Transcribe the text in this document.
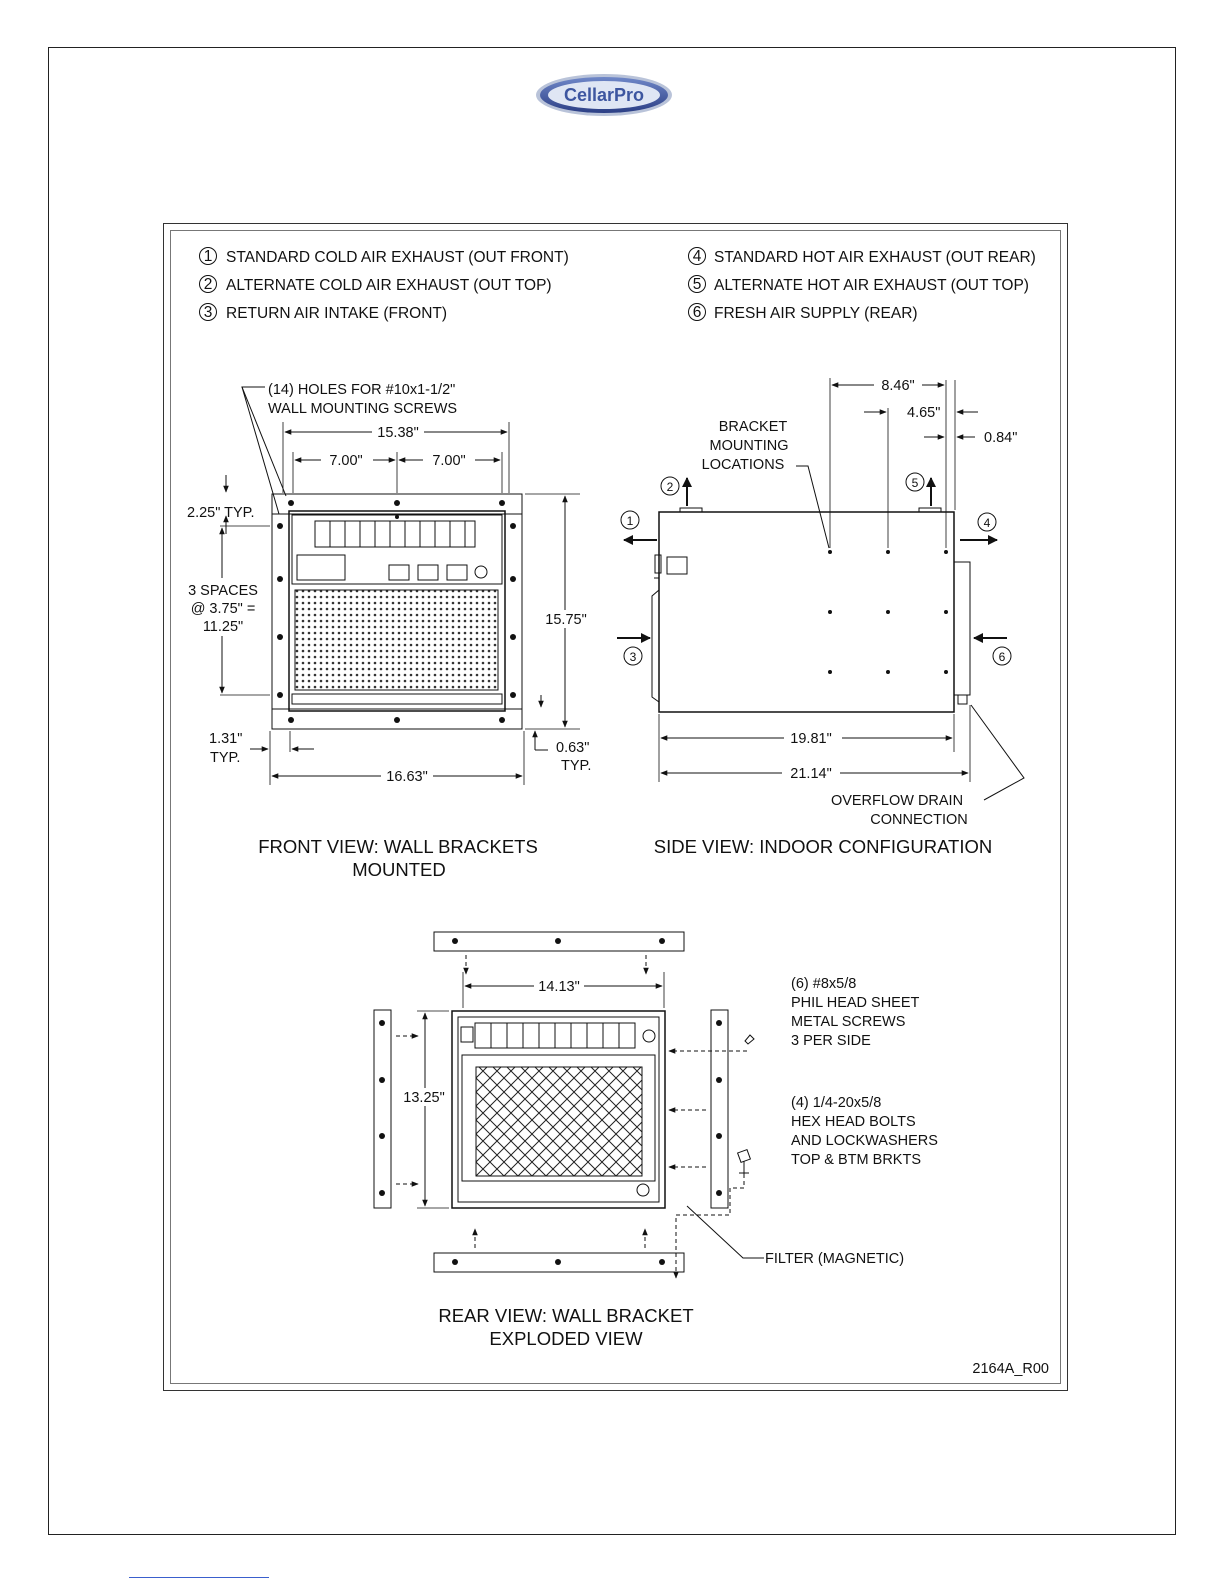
CellarPro
1 STANDARD COLD AIR EXHAUST (OUT FRONT)
2 ALTERNATE COLD AIR EXHAUST (OUT TOP)
3 RETURN AIR INTAKE (FRONT)
4 STANDARD HOT AIR EXHAUST (OUT REAR)
5 ALTERNATE HOT AIR EXHAUST (OUT TOP)
6 FRESH AIR SUPPLY (REAR)
(14) HOLES FOR #10x1-1/2"
WALL MOUNTING SCREWS
15.38"
7.00"	7.00"
2.25" TYP.
3 SPACES
@ 3.75" =
11.25"	15.75"
1.31"
TYP.
0.63"
TYP.
16.63"
FRONT VIEW: WALL BRACKETS
MOUNTED
2	5
1	4
3	6
8.46"
4.65"
0.84"
BRACKET
MOUNTING
LOCATIONS
19.81"
21.14"
OVERFLOW DRAIN
CONNECTION
SIDE VIEW: INDOOR CONFIGURATION
14.13"
13.25"
(6) #8x5/8
PHIL HEAD SHEET
METAL SCREWS
3 PER SIDE
(4) 1/4-20x5/8
HEX HEAD BOLTS
AND LOCKWASHERS
TOP & BTM BRKTS
FILTER (MAGNETIC)
REAR VIEW: WALL BRACKET
EXPLODED VIEW
2164A_R00
